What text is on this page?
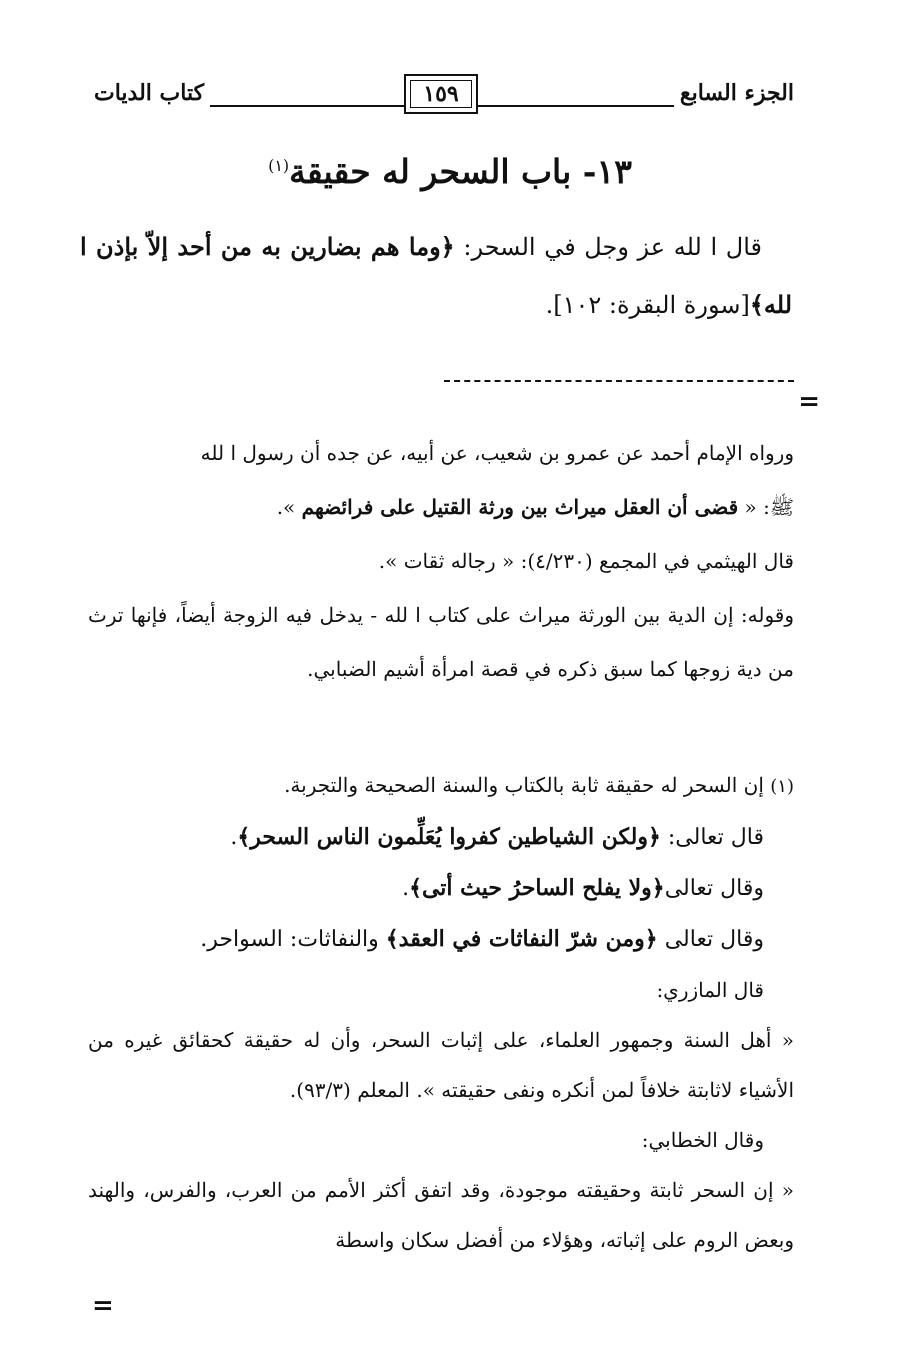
الجزء السابع
كتاب الديات	١٥٩
١٣- باب السحر له حقيقة$^{(١)}$

قال ا لله عز وجل في السحر: ﴿وما هم بضارين به من أحد إلاّ بإذن ا لله﴾[سورة البقرة: ١٠٢].

=

ورواه الإمام أحمد عن عمرو بن شعيب، عن أبيه، عن جده أن رسول ا لله

ﷺ: « قضى أن العقل ميراث بين ورثة القتيل على فرائضهم ».

قال الهيثمي في المجمع (٤/٢٣٠): « رجاله ثقات ».

وقوله: إن الدية بين الورثة ميراث على كتاب ا لله - يدخل فيه الزوجة أيضاً، فإنها ترث من دية زوجها كما سبق ذكره في قصة امرأة أشيم الضبابي.

(١) إن السحر له حقيقة ثابة بالكتاب والسنة الصحيحة والتجربة.

قال تعالى: ﴿ولكن الشياطين كفروا يُعَلِّمون الناس السحر﴾.

وقال تعالى﴿ولا يفلح الساحرُ حيث أتى﴾.

وقال تعالى ﴿ومن شرّ النفاثات في العقد﴾ والنفاثات: السواحر.

قال المازري:

« أهل السنة وجمهور العلماء، على إثبات السحر، وأن له حقيقة كحقائق غيره من الأشياء لاثابتة خلافاً لمن أنكره ونفى حقيقته ». المعلم (٩٣/٣).

وقال الخطابي:

« إن السحر ثابتة وحقيقته موجودة، وقد اتفق أكثر الأمم من العرب، والفرس، والهند وبعض الروم على إثباته، وهؤلاء من أفضل سكان واسطة

=
